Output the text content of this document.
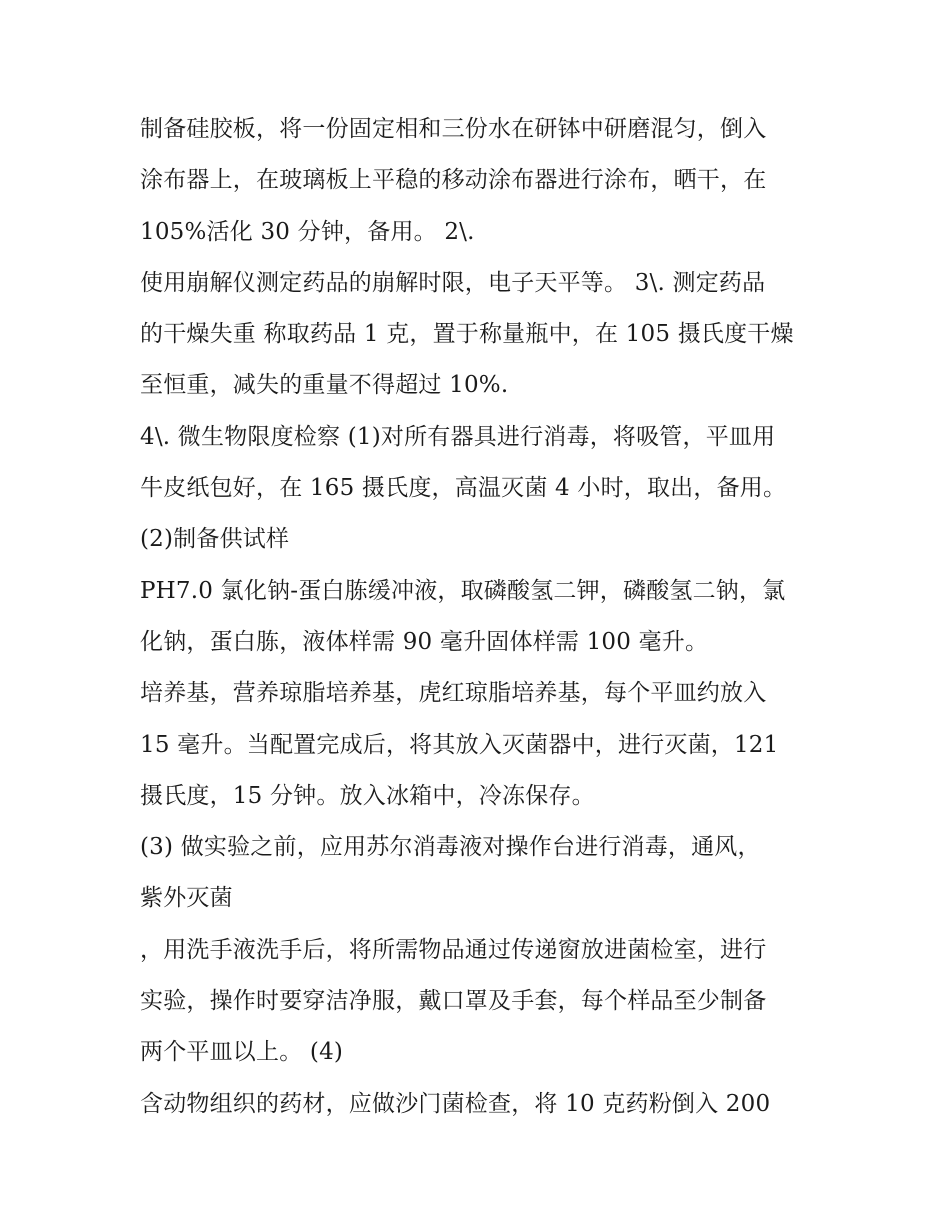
制备硅胶板，将一份固定相和三份水在研钵中研磨混匀，倒入
涂布器上，在玻璃板上平稳的移动涂布器进行涂布，晒干，在
105%活化 30 分钟，备用。 2\.
使用崩解仪测定药品的崩解时限，电子天平等。 3\. 测定药品
的干燥失重 称取药品 1 克，置于称量瓶中，在 105 摄氏度干燥
至恒重，减失的重量不得超过 10%.
4\. 微生物限度检察 (1)对所有器具进行消毒，将吸管，平皿用
牛皮纸包好，在 165 摄氏度，高温灭菌 4 小时，取出，备用。
(2)制备供试样
PH7.0 氯化钠-蛋白胨缓冲液，取磷酸氢二钾，磷酸氢二钠，氯
化钠，蛋白胨，液体样需 90 毫升固体样需 100 毫升。
培养基，营养琼脂培养基，虎红琼脂培养基，每个平皿约放入
15 毫升。当配置完成后，将其放入灭菌器中，进行灭菌，121
摄氏度，15 分钟。放入冰箱中，冷冻保存。
(3) 做实验之前，应用苏尔消毒液对操作台进行消毒，通风，
紫外灭菌
，用洗手液洗手后，将所需物品通过传递窗放进菌检室，进行
实验，操作时要穿洁净服，戴口罩及手套，每个样品至少制备
两个平皿以上。 (4)
含动物组织的药材，应做沙门菌检查，将 10 克药粉倒入 200
